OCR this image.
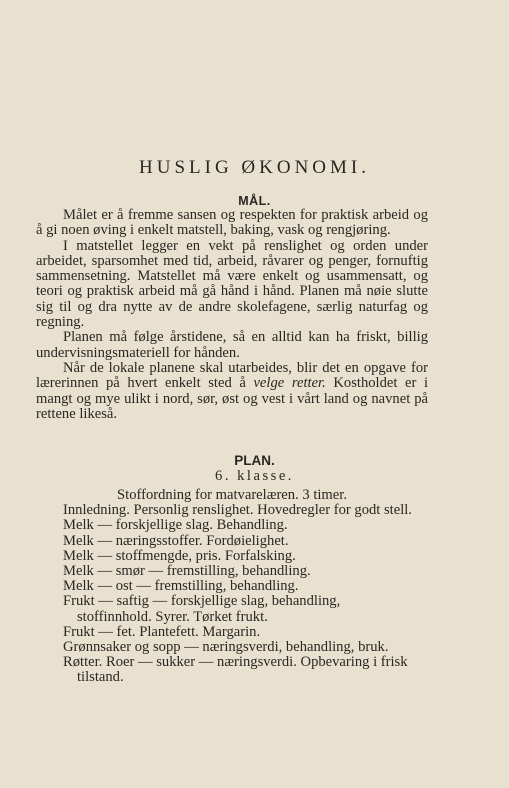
HUSLIG ØKONOMI.
MÅL.

Målet er å fremme sansen og respekten for praktisk arbeid og å gi noen øving i enkelt matstell, baking, vask og rengjøring.

I matstellet legger en vekt på renslighet og orden under arbeidet, sparsomhet med tid, arbeid, råvarer og penger, fornuftig sammensetning. Matstellet må være enkelt og usammensatt, og teori og praktisk arbeid må gå hånd i hånd. Planen må nøie slutte sig til og dra nytte av de andre skolefagene, særlig naturfag og regning.

Planen må følge årstidene, så en alltid kan ha friskt, billig undervisningsmateriell for hånden.

Når de lokale planene skal utarbeides, blir det en opgave for lærerinnen på hvert enkelt sted å velge retter. Kostholdet er i mangt og mye ulikt i nord, sør, øst og vest i vårt land og navnet på rettene likeså.

PLAN.
6. klasse.
Stoffordning for matvarelæren. 3 timer.
Innledning. Personlig renslighet. Hovedregler for godt stell.
Melk — forskjellige slag. Behandling.
Melk — næringsstoffer. Fordøielighet.
Melk — stoffmengde, pris. Forfalsking.
Melk — smør — fremstilling, behandling.
Melk — ost — fremstilling, behandling.
Frukt — saftig — forskjellige slag, behandling, stoffinnhold. Syrer. Tørket frukt.
Frukt — fet. Plantefett. Margarin.
Grønnsaker og sopp — næringsverdi, behandling, bruk.
Røtter. Roer — sukker — næringsverdi. Opbevaring i frisk tilstand.
